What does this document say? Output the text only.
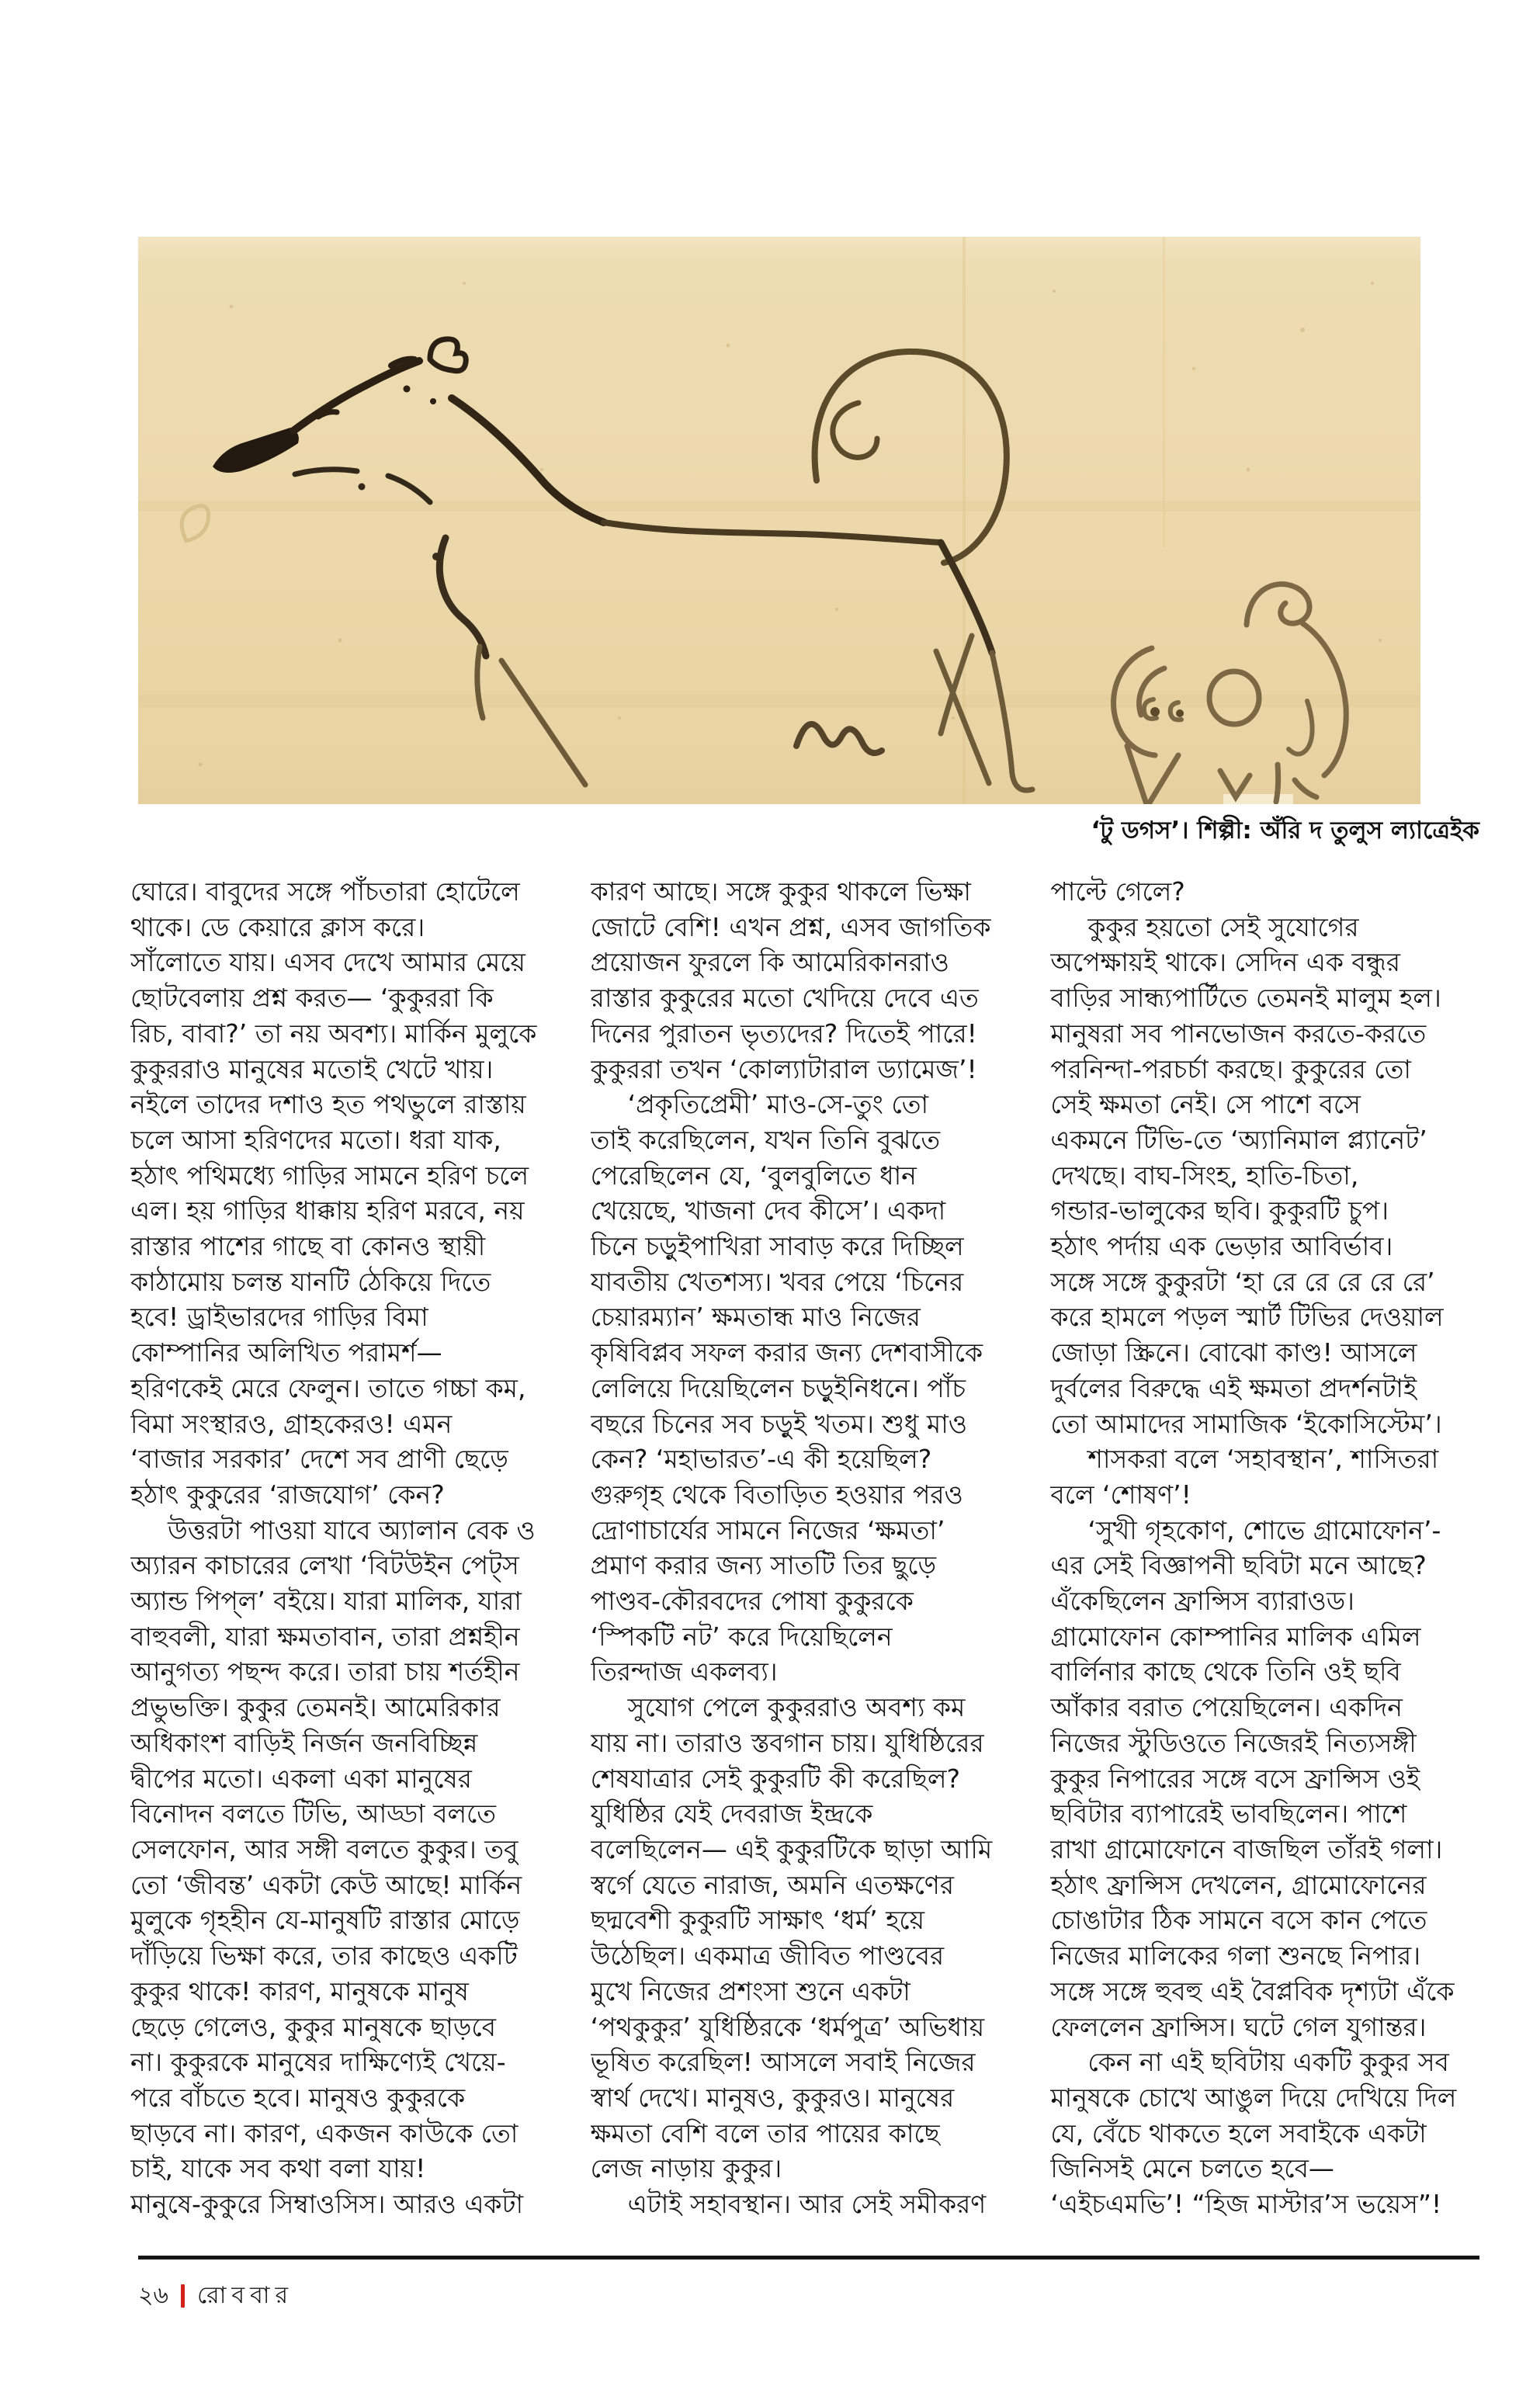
‘টু ডগস’। শিল্পী: অঁরি দ তুলুস ল্যাত্রেইক
ঘোরে। বাবুদের সঙ্গে পাঁচতারা হোটেলে
থাকে। ডে কেয়ারে ক্লাস করে।
সাঁলোতে যায়। এসব দেখে আমার মেয়ে
ছোটবেলায় প্রশ্ন করত— ‘কুকুররা কি
রিচ, বাবা?’ তা নয় অবশ্য। মার্কিন মুলুকে
কুকুররাও মানুষের মতোই খেটে খায়।
নইলে তাদের দশাও হত পথভুলে রাস্তায়
চলে আসা হরিণদের মতো। ধরা যাক,
হঠাৎ পথিমধ্যে গাড়ির সামনে হরিণ চলে
এল। হয় গাড়ির ধাক্কায় হরিণ মরবে, নয়
রাস্তার পাশের গাছে বা কোনও স্থায়ী
কাঠামোয় চলন্ত যানটি ঠেকিয়ে দিতে
হবে! ড্রাইভারদের গাড়ির বিমা
কোম্পানির অলিখিত পরামর্শ—
হরিণকেই মেরে ফেলুন। তাতে গচ্চা কম,
বিমা সংস্থারও, গ্রাহকেরও! এমন
‘বাজার সরকার’ দেশে সব প্রাণী ছেড়ে
হঠাৎ কুকুরের ‘রাজযোগ’ কেন?
উত্তরটা পাওয়া যাবে অ্যালান বেক ও
অ্যারন কাচারের লেখা ‘বিটউইন পেট্‌স
অ্যান্ড পিপ্‌ল’ বইয়ে। যারা মালিক, যারা
বাহুবলী, যারা ক্ষমতাবান, তারা প্রশ্নহীন
আনুগত্য পছন্দ করে। তারা চায় শর্তহীন
প্রভুভক্তি। কুকুর তেমনই। আমেরিকার
অধিকাংশ বাড়িই নির্জন জনবিচ্ছিন্ন
দ্বীপের মতো। একলা একা মানুষের
বিনোদন বলতে টিভি, আড্ডা বলতে
সেলফোন, আর সঙ্গী বলতে কুকুর। তবু
তো ‘জীবন্ত’ একটা কেউ আছে! মার্কিন
মুলুকে গৃহহীন যে-মানুষটি রাস্তার মোড়ে
দাঁড়িয়ে ভিক্ষা করে, তার কাছেও একটি
কুকুর থাকে! কারণ, মানুষকে মানুষ
ছেড়ে গেলেও, কুকুর মানুষকে ছাড়বে
না। কুকুরকে মানুষের দাক্ষিণ্যেই খেয়ে-
পরে বাঁচতে হবে। মানুষও কুকুরকে
ছাড়বে না। কারণ, একজন কাউকে তো
চাই, যাকে সব কথা বলা যায়!
মানুষে-কুকুরে সিম্বাওসিস। আরও একটা
কারণ আছে। সঙ্গে কুকুর থাকলে ভিক্ষা
জোটে বেশি! এখন প্রশ্ন, এসব জাগতিক
প্রয়োজন ফুরলে কি আমেরিকানরাও
রাস্তার কুকুরের মতো খেদিয়ে দেবে এত
দিনের পুরাতন ভৃত্যদের? দিতেই পারে!
কুকুররা তখন ‘কোল্যাটারাল ড্যামেজ’!
‘প্রকৃতিপ্রেমী’ মাও-সে-তুং তো
তাই করেছিলেন, যখন তিনি বুঝতে
পেরেছিলেন যে, ‘বুলবুলিতে ধান
খেয়েছে, খাজনা দেব কীসে’। একদা
চিনে চড়ুইপাখিরা সাবাড় করে দিচ্ছিল
যাবতীয় খেতশস্য। খবর পেয়ে ‘চিনের
চেয়ারম্যান’ ক্ষমতান্ধ মাও নিজের
কৃষিবিপ্লব সফল করার জন্য দেশবাসীকে
লেলিয়ে দিয়েছিলেন চড়ুইনিধনে। পাঁচ
বছরে চিনের সব চড়ুই খতম। শুধু মাও
কেন? ‘মহাভারত’-এ কী হয়েছিল?
গুরুগৃহ থেকে বিতাড়িত হওয়ার পরও
দ্রোণাচার্যের সামনে নিজের ‘ক্ষমতা’
প্রমাণ করার জন্য সাতটি তির ছুড়ে
পাণ্ডব-কৌরবদের পোষা কুকুরকে
‘স্পিকটি নট’ করে দিয়েছিলেন
তিরন্দাজ একলব্য।
সুযোগ পেলে কুকুররাও অবশ্য কম
যায় না। তারাও স্তবগান চায়। যুধিষ্ঠিরের
শেষযাত্রার সেই কুকুরটি কী করেছিল?
যুধিষ্ঠির যেই দেবরাজ ইন্দ্রকে
বলেছিলেন— এই কুকুরটিকে ছাড়া আমি
স্বর্গে যেতে নারাজ, অমনি এতক্ষণের
ছদ্মবেশী কুকুরটি সাক্ষাৎ ‘ধর্ম’ হয়ে
উঠেছিল। একমাত্র জীবিত পাণ্ডবের
মুখে নিজের প্রশংসা শুনে একটা
‘পথকুকুর’ যুধিষ্ঠিরকে ‘ধর্মপুত্র’ অভিধায়
ভূষিত করেছিল! আসলে সবাই নিজের
স্বার্থ দেখে। মানুষও, কুকুরও। মানুষের
ক্ষমতা বেশি বলে তার পায়ের কাছে
লেজ নাড়ায় কুকুর।
এটাই সহাবস্থান। আর সেই সমীকরণ
পাল্টে গেলে?
কুকুর হয়তো সেই সুযোগের
অপেক্ষায়ই থাকে। সেদিন এক বন্ধুর
বাড়ির সান্ধ্যপার্টিতে তেমনই মালুম হল।
মানুষরা সব পানভোজন করতে-করতে
পরনিন্দা-পরচর্চা করছে। কুকুরের তো
সেই ক্ষমতা নেই। সে পাশে বসে
একমনে টিভি-তে ‘অ্যানিমাল প্ল্যানেট’
দেখছে। বাঘ-সিংহ, হাতি-চিতা,
গন্ডার-ভালুকের ছবি। কুকুরটি চুপ।
হঠাৎ পর্দায় এক ভেড়ার আবির্ভাব।
সঙ্গে সঙ্গে কুকুরটা ‘হা রে রে রে রে রে’
করে হামলে পড়ল স্মার্ট টিভির দেওয়াল
জোড়া স্ক্রিনে। বোঝো কাণ্ড! আসলে
দুর্বলের বিরুদ্ধে এই ক্ষমতা প্রদর্শনটাই
তো আমাদের সামাজিক ‘ইকোসিস্টেম’।
শাসকরা বলে ‘সহাবস্থান’, শাসিতরা
বলে ‘শোষণ’!
‘সুখী গৃহকোণ, শোভে গ্রামোফোন’-
এর সেই বিজ্ঞাপনী ছবিটা মনে আছে?
এঁকেছিলেন ফ্রান্সিস ব্যারাওড।
গ্রামোফোন কোম্পানির মালিক এমিল
বার্লিনার কাছে থেকে তিনি ওই ছবি
আঁকার বরাত পেয়েছিলেন। একদিন
নিজের স্টুডিওতে নিজেরই নিত্যসঙ্গী
কুকুর নিপারের সঙ্গে বসে ফ্রান্সিস ওই
ছবিটার ব্যাপারেই ভাবছিলেন। পাশে
রাখা গ্রামোফোনে বাজছিল তাঁরই গলা।
হঠাৎ ফ্রান্সিস দেখলেন, গ্রামোফোনের
চোঙাটার ঠিক সামনে বসে কান পেতে
নিজের মালিকের গলা শুনছে নিপার।
সঙ্গে সঙ্গে হুবহু এই বৈপ্লবিক দৃশ্যটা এঁকে
ফেললেন ফ্রান্সিস। ঘটে গেল যুগান্তর।
কেন না এই ছবিটায় একটি কুকুর সব
মানুষকে চোখে আঙুল দিয়ে দেখিয়ে দিল
যে, বেঁচে থাকতে হলে সবাইকে একটা
জিনিসই মেনে চলতে হবে—
‘এইচএমভি’! “হিজ মাস্টার’স ভয়েস”!
২৬ রোববার
